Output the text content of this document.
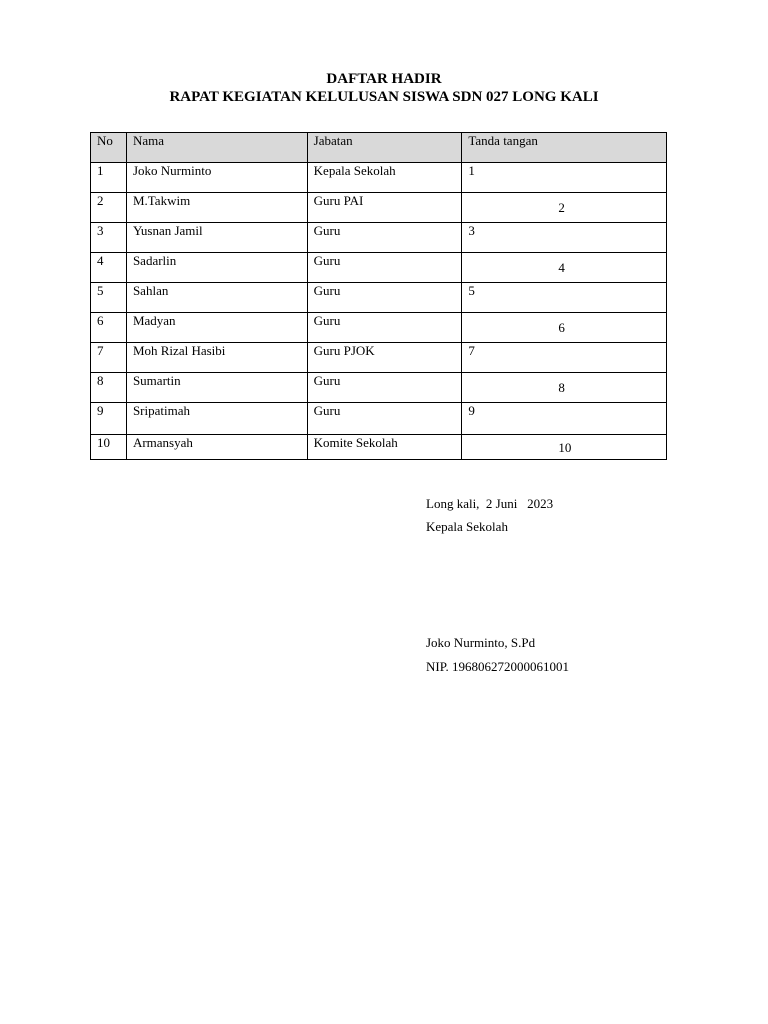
DAFTAR HADIR
RAPAT KEGIATAN KELULUSAN SISWA SDN 027 LONG KALI
No	Nama	Jabatan	Tanda tangan

1	Joko Nurminto	Kepala Sekolah	1

2	M.Takwim	Guru PAI	2

3	Yusnan Jamil	Guru	3

4	Sadarlin	Guru	4

5	Sahlan	Guru	5

6	Madyan	Guru	6

7	Moh Rizal Hasibi	Guru PJOK	7

8	Sumartin	Guru	8

9	Sripatimah	Guru	9

10	Armansyah	Komite Sekolah	10
Long kali,  2 Juni   2023
Kepala Sekolah
Joko Nurminto, S.Pd
NIP. 196806272000061001
